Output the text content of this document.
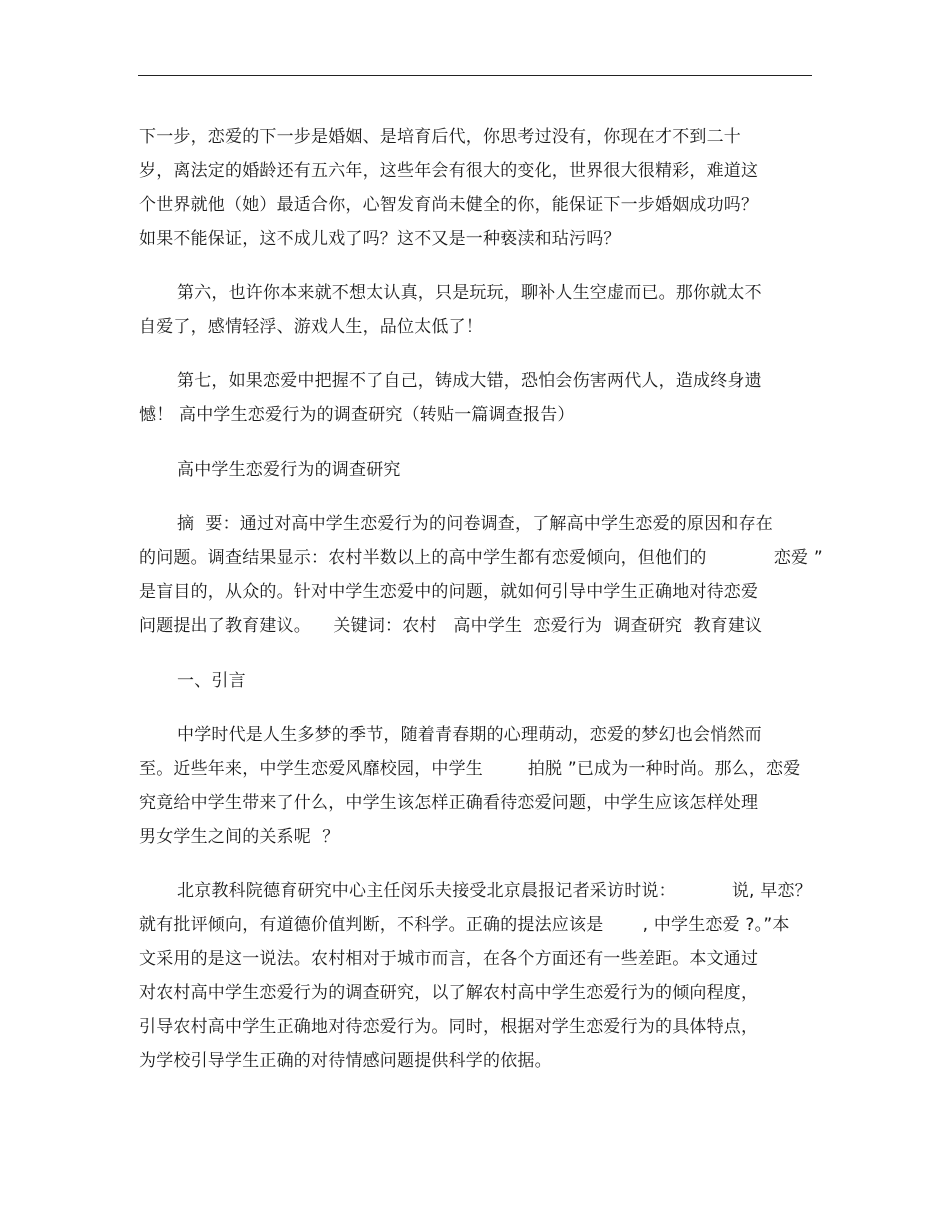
下一步，恋爱的下一步是婚姻、是培育后代，你思考过没有，你现在才不到二十
岁，离法定的婚龄还有五六年，这些年会有很大的变化，世界很大很精彩，难道这
个世界就他（她）最适合你，心智发育尚未健全的你，能保证下一步婚姻成功吗？
如果不能保证，这不成儿戏了吗？这不又是一种亵渎和玷污吗？
第六，也许你本来就不想太认真，只是玩玩，聊补人生空虚而已。那你就太不
自爱了，感情轻浮、游戏人生，品位太低了！
第七，如果恋爱中把握不了自己，铸成大错，恐怕会伤害两代人，造成终身遗
憾！ 高中学生恋爱行为的调查研究（转贴一篇调查报告）
高中学生恋爱行为的调查研究
摘  要：通过对高中学生恋爱行为的问卷调查，了解高中学生恋爱的原因和存在
的问题。调查结果显示：农村半数以上的高中学生都有恋爱倾向，但他们的            恋爱 ”
是盲目的，从众的。针对中学生恋爱中的问题，就如何引导中学生正确地对待恋爱
问题提出了教育建议。    关键词：农村   高中学生  恋爱行为  调查研究  教育建议
一、引言
中学时代是人生多梦的季节，随着青春期的心理萌动，恋爱的梦幻也会悄然而
至。近些年来，中学生恋爱风靡校园，中学生        拍脱 ”已成为一种时尚。那么，恋爱
究竟给中学生带来了什么，中学生该怎样正确看待恋爱问题，中学生应该怎样处理
男女学生之间的关系呢  ？
北京教科院德育研究中心主任闵乐夫接受北京晨报记者采访时说：          说, 早恋？
就有批评倾向，有道德价值判断，不科学。正确的提法应该是       , 中学生恋爱 ?。”本
文采用的是这一说法。农村相对于城市而言，在各个方面还有一些差距。本文通过
对农村高中学生恋爱行为的调查研究，以了解农村高中学生恋爱行为的倾向程度，
引导农村高中学生正确地对待恋爱行为。同时，根据对学生恋爱行为的具体特点，
为学校引导学生正确的对待情感问题提供科学的依据。
